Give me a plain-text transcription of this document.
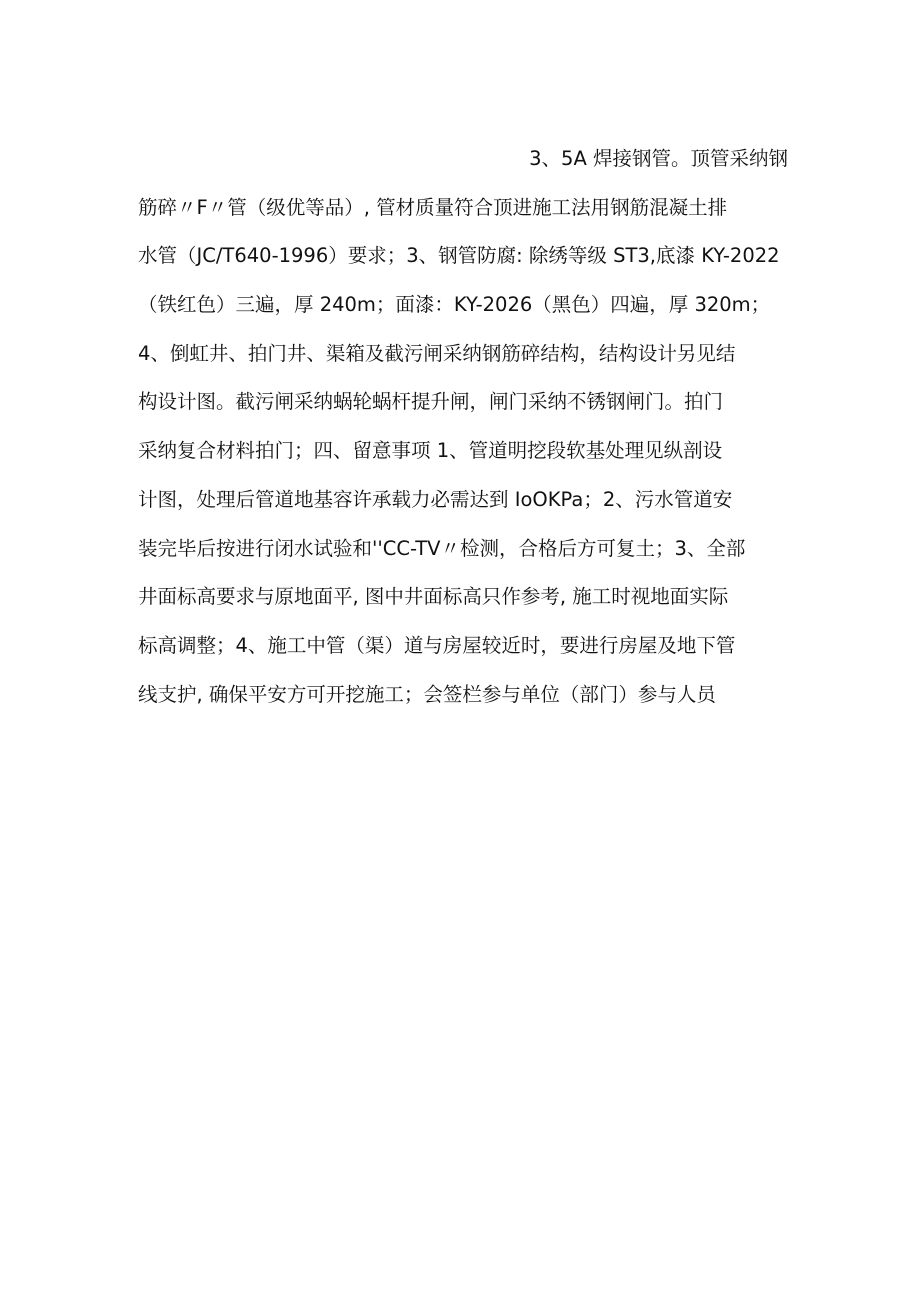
3、5A 焊接钢管。顶管采纳钢
筋碎〃F〃管（级优等品）, 管材质量符合顶进施工法用钢筋混凝土排
水管（JC/T640-1996）要求；3、钢管防腐: 除绣等级 ST3,底漆 KY-2022
（铁红色）三遍，厚 240m；面漆：KY-2026（黑色）四遍，厚 320m；
4、倒虹井、拍门井、渠箱及截污闸采纳钢筋碎结构，结构设计另见结
构设计图。截污闸采纳蜗轮蜗杆提升闸，闸门采纳不锈钢闸门。拍门
采纳复合材料拍门；四、留意事项 1、管道明挖段软基处理见纵剖设
计图，处理后管道地基容许承载力必需达到 IoOKPa；2、污水管道安
装完毕后按进行闭水试验和''CC-TV〃检测，合格后方可复土；3、全部
井面标高要求与原地面平, 图中井面标高只作参考, 施工时视地面实际
标高调整；4、施工中管（渠）道与房屋较近时，要进行房屋及地下管
线支护, 确保平安方可开挖施工；会签栏参与单位（部门）参与人员
